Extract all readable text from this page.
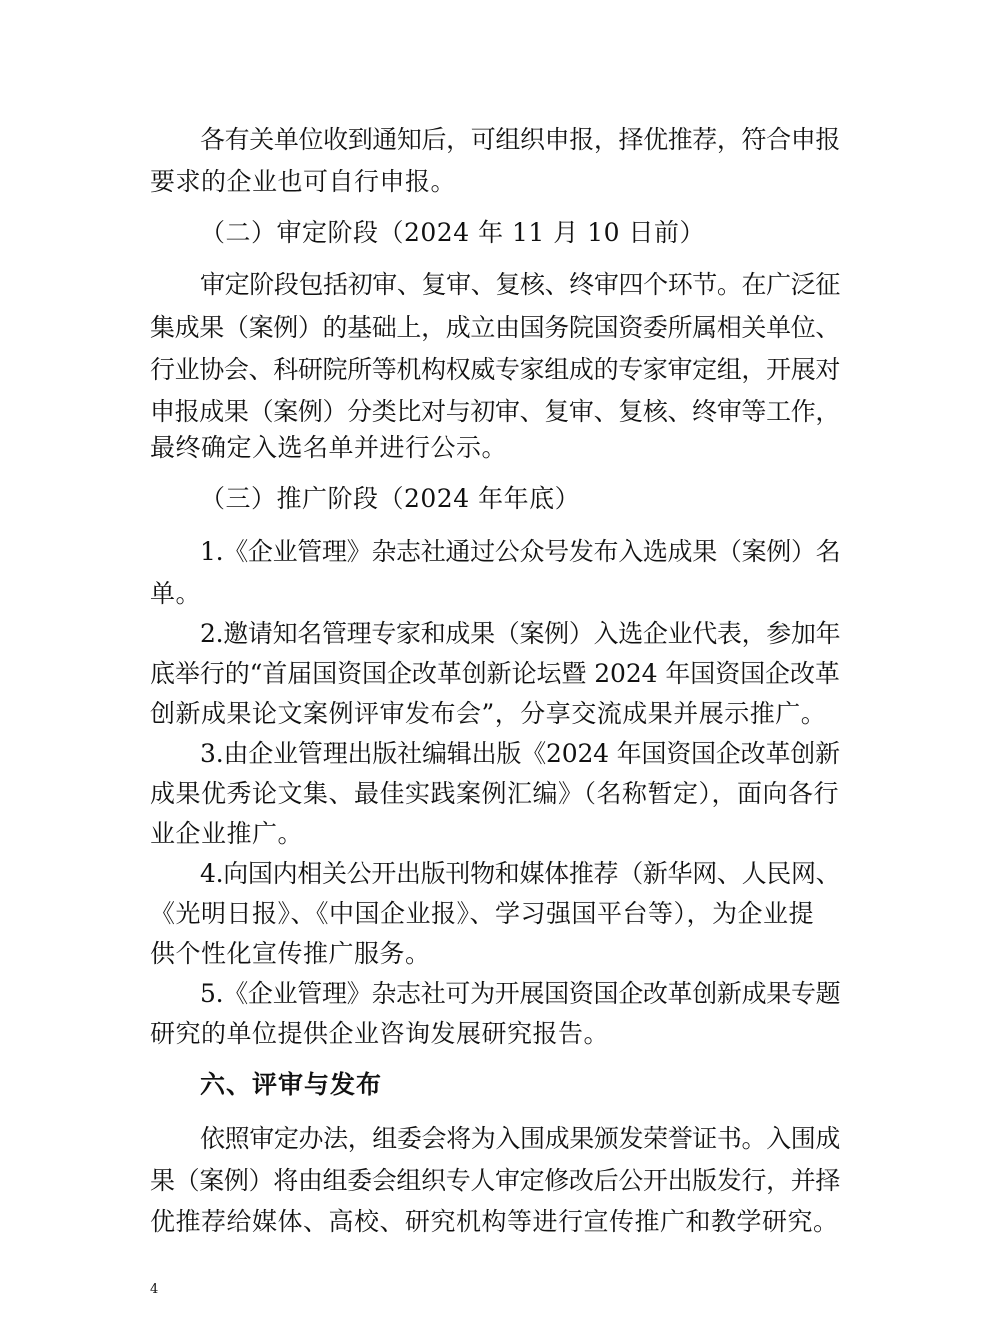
各有关单位收到通知后，可组织申报，择优推荐，符合申报
要求的企业也可自行申报。
（二）审定阶段（2024 年 11 月 10 日前）
审定阶段包括初审、复审、复核、终审四个环节。在广泛征
集成果（案例）的基础上，成立由国务院国资委所属相关单位、
行业协会、科研院所等机构权威专家组成的专家审定组，开展对
申报成果（案例）分类比对与初审、复审、复核、终审等工作，
最终确定入选名单并进行公示。
（三）推广阶段（2024 年年底）
1.《企业管理》杂志社通过公众号发布入选成果（案例）名
单。
2.邀请知名管理专家和成果（案例）入选企业代表，参加年
底举行的“首届国资国企改革创新论坛暨 2024 年国资国企改革
创新成果论文案例评审发布会”，分享交流成果并展示推广。
3.由企业管理出版社编辑出版《2024 年国资国企改革创新
成果优秀论文集、最佳实践案例汇编》（名称暂定），面向各行
业企业推广。
4.向国内相关公开出版刊物和媒体推荐（新华网、人民网、
《光明日报》、《中国企业报》、学习强国平台等），为企业提
供个性化宣传推广服务。
5.《企业管理》杂志社可为开展国资国企改革创新成果专题
研究的单位提供企业咨询发展研究报告。
六、评审与发布
依照审定办法，组委会将为入围成果颁发荣誉证书。入围成
果（案例）将由组委会组织专人审定修改后公开出版发行，并择
优推荐给媒体、高校、研究机构等进行宣传推广和教学研究。
4
